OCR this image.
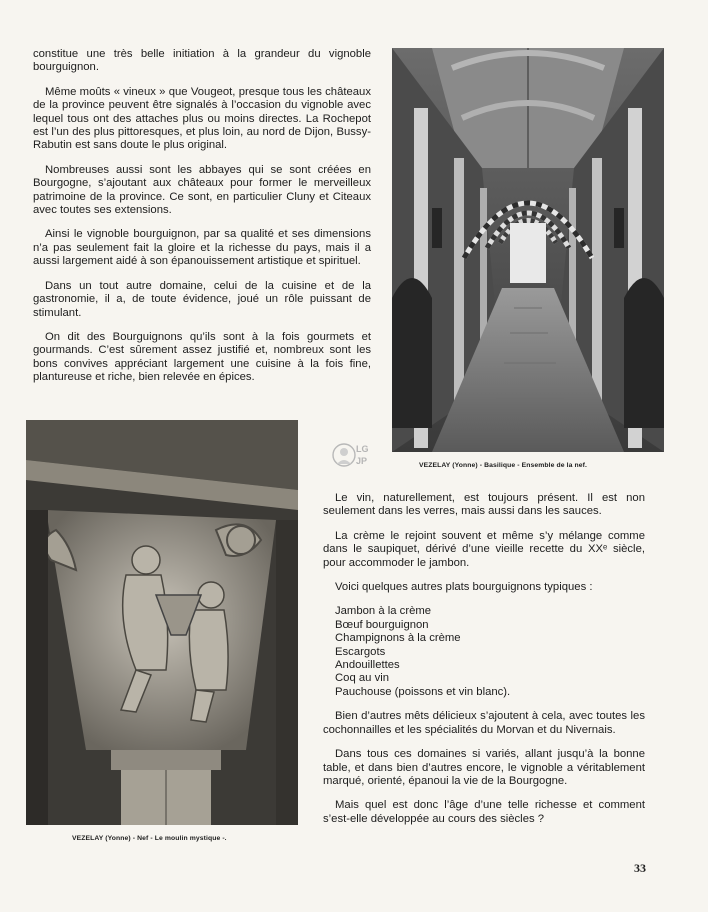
constitue une très belle initiation à la grandeur du vignoble bourguignon.

Même moûts « vineux » que Vougeot, presque tous les châteaux de la province peuvent être signalés à l’occasion du vignoble avec lequel tous ont des attaches plus ou moins directes. La Rochepot est l’un des plus pittoresques, et plus loin, au nord de Dijon, Bussy-Rabutin est sans doute le plus original.

Nombreuses aussi sont les abbayes qui se sont créées en Bourgogne, s’ajoutant aux châteaux pour former le merveilleux patrimoine de la province. Ce sont, en particulier Cluny et Citeaux avec toutes ses extensions.

Ainsi le vignoble bourguignon, par sa qualité et ses dimensions n’a pas seulement fait la gloire et la richesse du pays, mais il a aussi largement aidé à son épanouissement artistique et spirituel.

Dans un tout autre domaine, celui de la cuisine et de la gastronomie, il a, de toute évidence, joué un rôle puissant de stimulant.

On dit des Bourguignons qu’ils sont à la fois gourmets et gourmands. C’est sûrement assez justifié et, nombreux sont les bons convives appréciant largement une cuisine à la fois fine, plantureuse et riche, bien relevée en épices.

VEZELAY (Yonne) - Basilique - Ensemble de la nef.
LG
JP
VEZELAY (Yonne) - Nef - Le moulin mystique -.

Le vin, naturellement, est toujours présent. Il est non seulement dans les verres, mais aussi dans les sauces.

La crème le rejoint souvent et même s’y mélange comme dans le saupiquet, dérivé d’une vieille recette du XXᵉ siècle, pour accommoder le jambon.

Voici quelques autres plats bourguignons typiques :

Jambon à la crème
Bœuf bourguignon
Champignons à la crème
Escargots
Andouillettes
Coq au vin
Pauchouse (poissons et vin blanc).

Bien d’autres mêts délicieux s’ajoutent à cela, avec toutes les cochonnailles et les spécialités du Morvan et du Nivernais.

Dans tous ces domaines si variés, allant jusqu’à la bonne table, et dans bien d’autres encore, le vignoble a véritablement marqué, orienté, épanoui la vie de la Bourgogne.

Mais quel est donc l’âge d’une telle richesse et comment s’est-elle développée au cours des siècles ?

33
